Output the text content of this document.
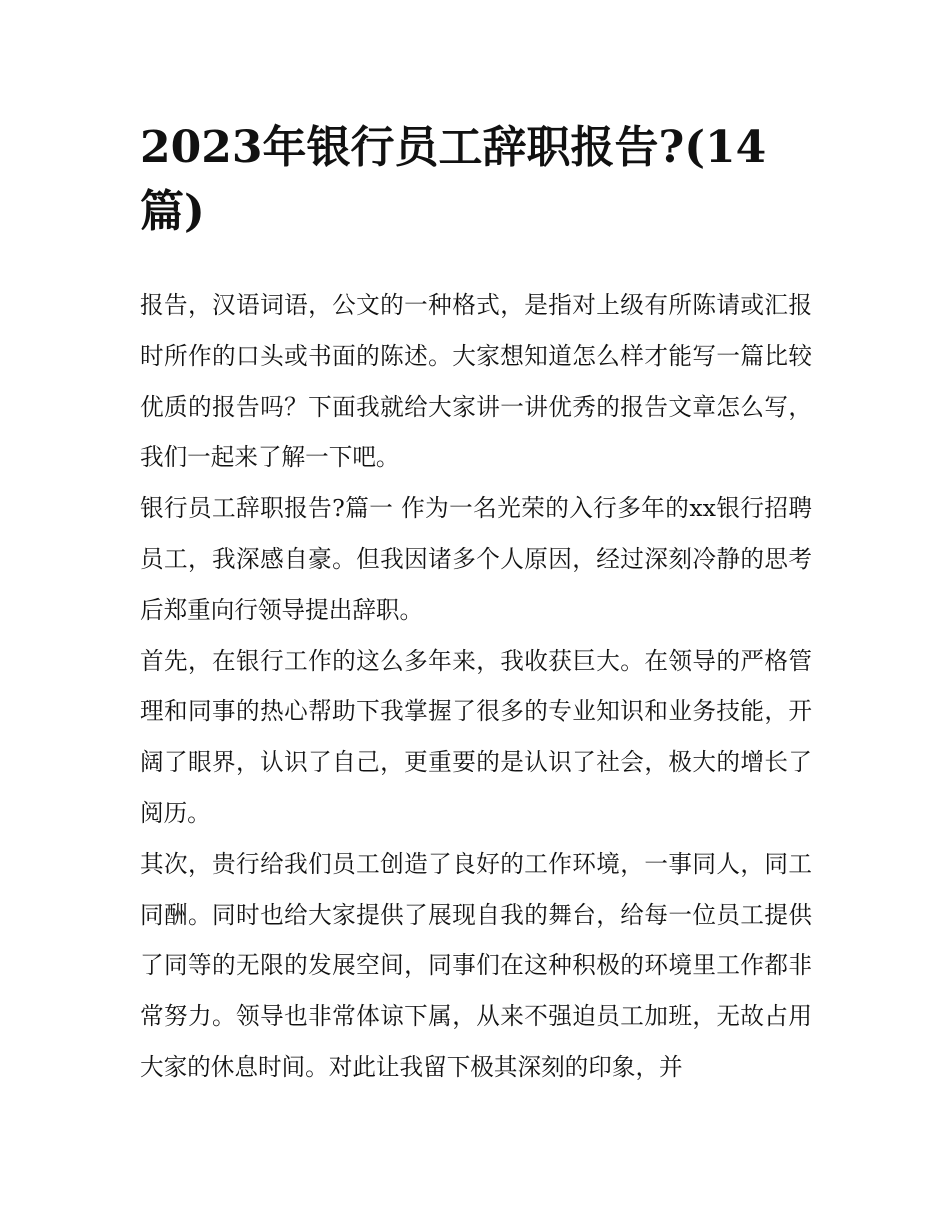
2023年银行员工辞职报告?(14篇)

报告，汉语词语，公文的一种格式，是指对上级有所陈请或汇报时所作的口头或书面的陈述。大家想知道怎么样才能写一篇比较优质的报告吗？下面我就给大家讲一讲优秀的报告文章怎么写，我们一起来了解一下吧。

银行员工辞职报告?篇一 作为一名光荣的入行多年的xx银行招聘员工，我深感自豪。但我因诸多个人原因，经过深刻冷静的思考后郑重向行领导提出辞职。

首先，在银行工作的这么多年来，我收获巨大。在领导的严格管理和同事的热心帮助下我掌握了很多的专业知识和业务技能，开阔了眼界，认识了自己，更重要的是认识了社会，极大的增长了阅历。

其次，贵行给我们员工创造了良好的工作环境，一事同人，同工同酬。同时也给大家提供了展现自我的舞台，给每一位员工提供了同等的无限的发展空间，同事们在这种积极的环境里工作都非常努力。领导也非常体谅下属，从来不强迫员工加班，无故占用大家的休息时间。对此让我留下极其深刻的印象，并
